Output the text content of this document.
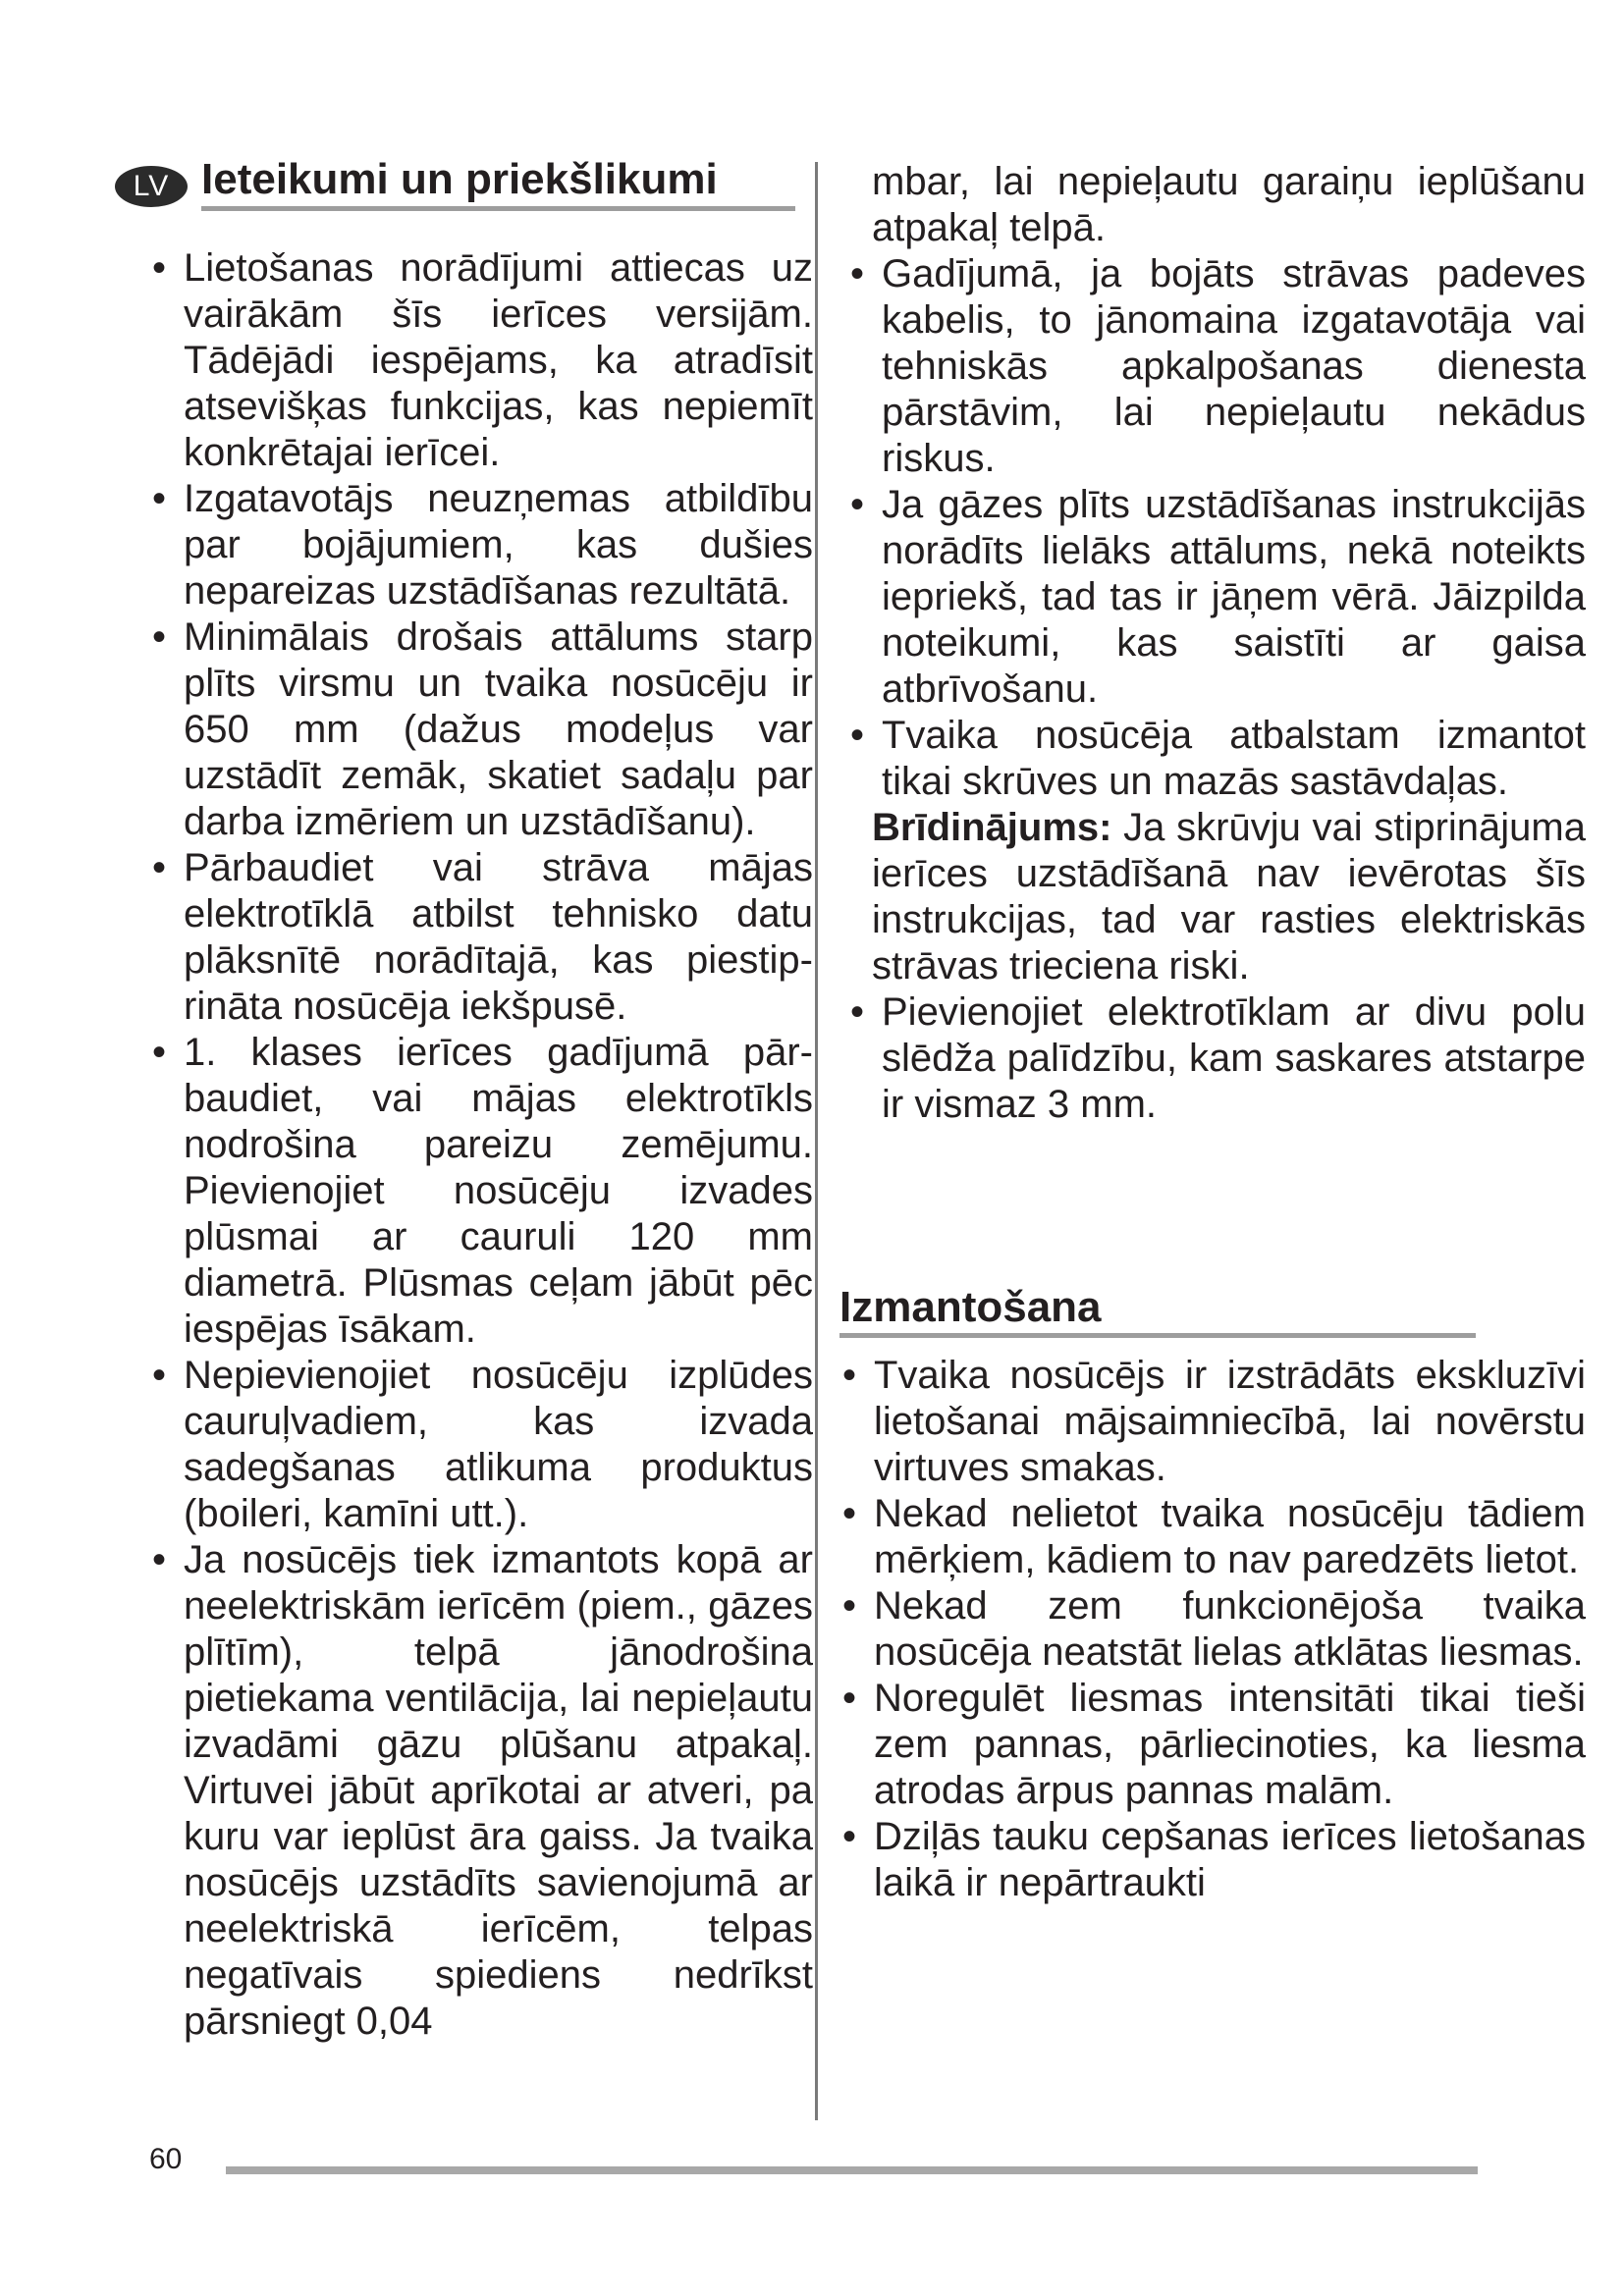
LV Ieteikumi un priekšlikumi

• Lietošanas norādījumi attiecas uz vairākām šīs ierīces versijām. Tādējādi iespējams, ka atradīsit atsevišķas funkcijas, kas nepiemīt konkrētajai ierīcei.

• Izgatavotājs neuzņemas atbildību par bojājumiem, kas dušies nepareizas uzstādīšanas rezultātā.

• Minimālais drošais attālums starp plīts virsmu un tvaika nosūcēju ir 650 mm (dažus modeļus var uzstādīt zemāk, skatiet sadaļu par darba izmēriem un uzstādīšanu).

• Pārbaudiet vai strāva mājas elektrotīklā atbilst tehnisko datu plāksnītē norādītajā, kas piestiprināta nosūcēja iekšpusē.

• 1. klases ierīces gadījumā pārbaudiet, vai mājas elektrotīkls nodrošina pareizu zemējumu. Pievienojiet nosūcēju izvades plūsmai ar cauruli 120 mm diametrā. Plūsmas ceļam jābūt pēc iespējas īsākam.

• Nepievienojiet nosūcēju izplūdes cauruļvadiem, kas izvada sadegšanas atlikuma produktus (boileri, kamīni utt.).

• Ja nosūcējs tiek izmantots kopā ar neelektriskām ierīcēm (piem., gāzes plītīm), telpā jānodrošina pietiekama ventilācija, lai nepieļautu izvadāmi gāzu plūšanu atpakaļ. Virtuvei jābūt aprīkotai ar atveri, pa kuru var ieplūst āra gaiss. Ja tvaika nosūcējs uzstādīts savienojumā ar neelektriskā ierīcēm, telpas negatīvais spiediens nedrīkst pārsniegt 0,04

mbar, lai nepieļautu garaiņu ieplūšanu atpakaļ telpā.

• Gadījumā, ja bojāts strāvas padeves kabelis, to jānomaina izgatavotāja vai tehniskās apkalpošanas dienesta pārstāvim, lai nepieļautu nekādus riskus.

• Ja gāzes plīts uzstādīšanas instrukcijās norādīts lielāks attālums, nekā noteikts iepriekš, tad tas ir jāņem vērā. Jāizpilda noteikumi, kas saistīti ar gaisa atbrīvošanu.

• Tvaika nosūcēja atbalstam izmantot tikai skrūves un mazās sastāvdaļas.

Brīdinājums: Ja skrūvju vai stiprinājuma ierīces uzstādīšanā nav ievērotas šīs instrukcijas, tad var rasties elektriskās strāvas trieciena riski.

• Pievienojiet elektrotīklam ar divu polu slēdža palīdzību, kam saskares atstarpe ir vismaz 3 mm.

Izmantošana

• Tvaika nosūcējs ir izstrādāts ekskluzīvi lietošanai mājsaimniecībā, lai novērstu virtuves smakas.

• Nekad nelietot tvaika nosūcēju tādiem mērķiem, kādiem to nav paredzēts lietot.

• Nekad zem funkcionējoša tvaika nosūcēja neatstāt lielas atklātas liesmas.

• Noregulēt liesmas intensitāti tikai tieši zem pannas, pārliecinoties, ka liesma atrodas ārpus pannas malām.

• Dziļās tauku cepšanas ierīces lietošanas laikā ir nepārtraukti

60
